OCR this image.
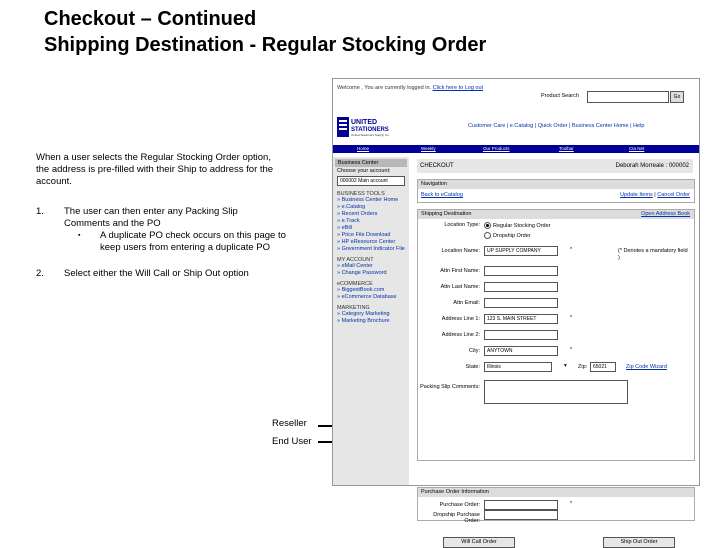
Checkout – Continued
Shipping Destination - Regular Stocking Order
When a user selects the Regular Stocking Order option, the address is pre-filled with their Ship to address for the account.
1. The user can then enter any Packing Slip Comments and the PO
▪ A duplicate PO check occurs on this page to keep users from entering a duplicate PO
2. Select either the Will Call or Ship Out option
Reseller
End User
Welcome , You are currently logged in. Click here to Log out
Product Search	Go
UNITED
STATIONERS
United Stationers Supply Co.
Customer Care | e.Catalog | Quick Order | Business Center Home | Help
Home	Weekly	Our Products	Toolbar	Cta Net
Business Center
Choose your account:
000002 Main account
BUSINESS TOOLS
» Business Center Home
» e.Catalog
» Recent Orders
» e.Track
» eBill
» Price File Download
» HP eResource Center
» Government Indicator File
MY ACCOUNT
» eMail Center
» Change Password
eCOMMERCE
» BiggestBook.com
» eCommerce Database
MARKETING
» Category Marketing
» Marketing Brochure
CHECKOUT	Deborah Morreale : 000002
Navigation
Back to eCatalog	Update Items | Cancel Order
Shipping Destination	Open Address Book
Location Type:	Regular Stocking Order
Dropship Order
Location Name:	UP SUPPLY COMPANY	*	(* Denotes a mandatory field )
Attn First Name:
Attn Last Name:
Attn Email:
Address Line 1:	123 S. MAIN STREET	*
Address Line 2:
City:	ANYTOWN	*
State:	Illinois	▾ Zip:	65021	Zip Code Wizard
Packing Slip Comments:
Purchase Order Information
Purchase Order:	*
Dropship Purchase Order:
Will Call Order	Ship Out Order
